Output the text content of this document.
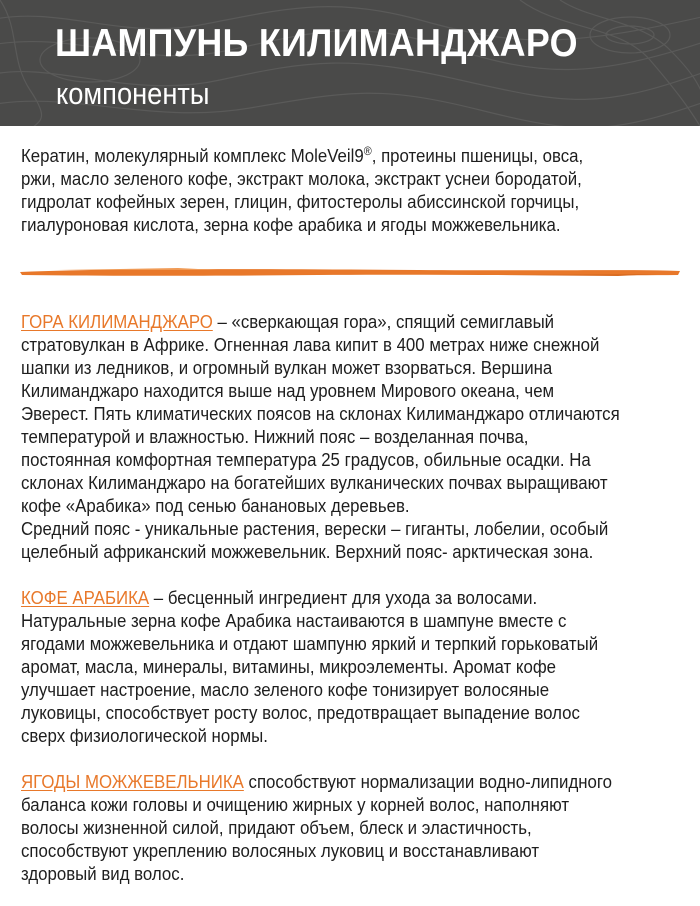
ШАМПУНЬ КИЛИМАНДЖАРО
компоненты
Кератин, молекулярный комплекс MoleVeil9®, протеины пшеницы, овса,
ржи, масло зеленого кофе, экстракт молока, экстракт уснеи бородатой,
гидролат кофейных зерен, глицин, фитостеролы абиссинской горчицы,
гиалуроновая кислота, зерна кофе арабика и ягоды можжевельника.
ГОРА КИЛИМАНДЖАРО – «сверкающая гора», спящий семиглавый
стратовулкан в Африке. Огненная лава кипит в 400 метрах ниже снежной
шапки из ледников, и огромный вулкан может взорваться. Вершина
Килиманджаро находится выше над уровнем Мирового океана, чем
Эверест. Пять климатических поясов на склонах Килиманджаро отличаются
температурой и влажностью. Нижний пояс – возделанная почва,
постоянная комфортная температура 25 градусов, обильные осадки. На
склонах Килиманджаро на богатейших вулканических почвах выращивают
кофе «Арабика» под сенью банановых деревьев.
Средний пояс - уникальные растения, верески – гиганты, лобелии, особый
целебный африканский можжевельник. Верхний пояс- арктическая зона.
КОФЕ АРАБИКА – бесценный ингредиент для ухода за волосами.
Натуральные зерна кофе Арабика настаиваются в шампуне вместе с
ягодами можжевельника и отдают шампуню яркий и терпкий горьковатый
аромат, масла, минералы, витамины, микроэлементы. Аромат кофе
улучшает настроение, масло зеленого кофе тонизирует волосяные
луковицы, способствует росту волос, предотвращает выпадение волос
сверх физиологической нормы.
ЯГОДЫ МОЖЖЕВЕЛЬНИКА способствуют нормализации водно-липидного
баланса кожи головы и очищению жирных у корней волос, наполняют
волосы жизненной силой, придают объем, блеск и эластичность,
способствуют укреплению волосяных луковиц и восстанавливают
здоровый вид волос.
